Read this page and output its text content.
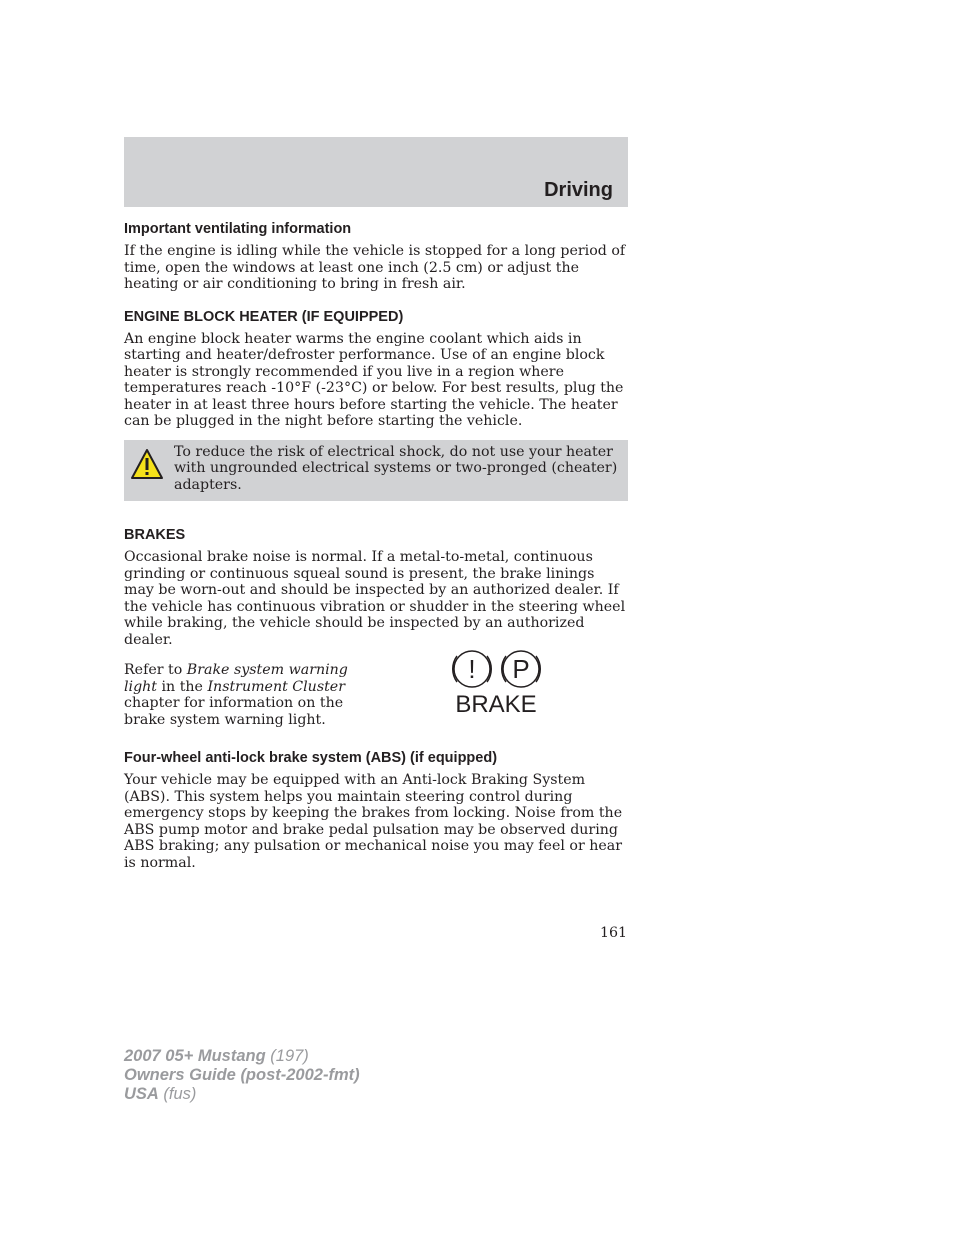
Driving
Important ventilating information

If the engine is idling while the vehicle is stopped for a long period of time, open the windows at least one inch (2.5 cm) or adjust the heating or air conditioning to bring in fresh air.

ENGINE BLOCK HEATER (IF EQUIPPED)

An engine block heater warms the engine coolant which aids in starting and heater/defroster performance. Use of an engine block heater is strongly recommended if you live in a region where temperatures reach -10°F (-23°C) or below. For best results, plug the heater in at least three hours before starting the vehicle. The heater can be plugged in the night before starting the vehicle.

To reduce the risk of electrical shock, do not use your heater with ungrounded electrical systems or two-pronged (cheater) adapters.
BRAKES

Occasional brake noise is normal. If a metal-to-metal, continuous grinding or continuous squeal sound is present, the brake linings may be worn-out and should be inspected by an authorized dealer. If the vehicle has continuous vibration or shudder in the steering wheel while braking, the vehicle should be inspected by an authorized dealer.

Refer to Brake system warning light in the Instrument Cluster chapter for information on the brake system warning light.

! P
BRAKE
Four-wheel anti-lock brake system (ABS) (if equipped)

Your vehicle may be equipped with an Anti-lock Braking System (ABS). This system helps you maintain steering control during emergency stops by keeping the brakes from locking. Noise from the ABS pump motor and brake pedal pulsation may be observed during ABS braking; any pulsation or mechanical noise you may feel or hear is normal.

161
2007 05+ Mustang (197)
Owners Guide (post-2002-fmt)
USA (fus)
